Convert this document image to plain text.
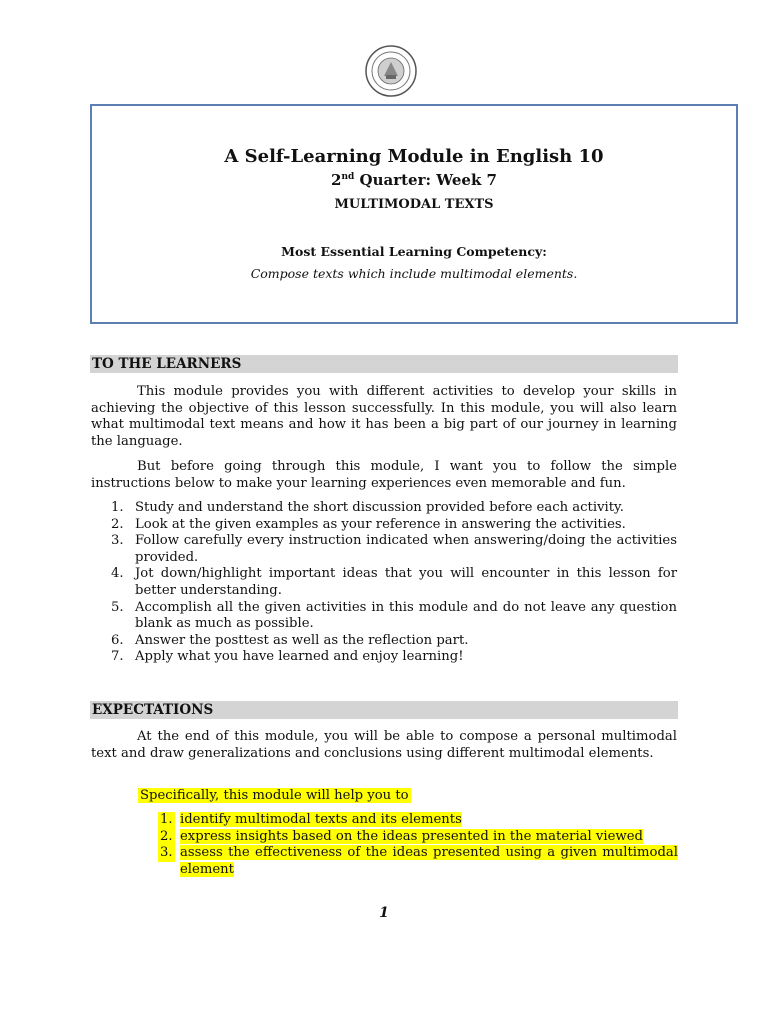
A Self-Learning Module in English 10
2nd Quarter: Week 7
MULTIMODAL TEXTS
Most Essential Learning Competency:
Compose texts which include multimodal elements.
TO THE LEARNERS

This module provides you with different activities to develop your skills in achieving the objective of this lesson successfully. In this module, you will also learn what multimodal text means and how it has been a big part of our journey in learning the language.

But before going through this module, I want you to follow the simple instructions below to make your learning experiences even memorable and fun.

1. Study and understand the short discussion provided before each activity.
2. Look at the given examples as your reference in answering the activities.
3. Follow carefully every instruction indicated when answering/doing the activities provided.
4. Jot down/highlight important ideas that you will encounter in this lesson for better understanding.
5. Accomplish all the given activities in this module and do not leave any question blank as much as possible.
6. Answer the posttest as well as the reflection part.
7. Apply what you have learned and enjoy learning!
EXPECTATIONS

At the end of this module, you will be able to compose a personal multimodal text and draw generalizations and conclusions using different multimodal elements.

Specifically, this module will help you to
1. identify multimodal texts and its elements
2. express insights based on the ideas presented in the material viewed
3. assess the effectiveness of the ideas presented using a given multimodal element
1
